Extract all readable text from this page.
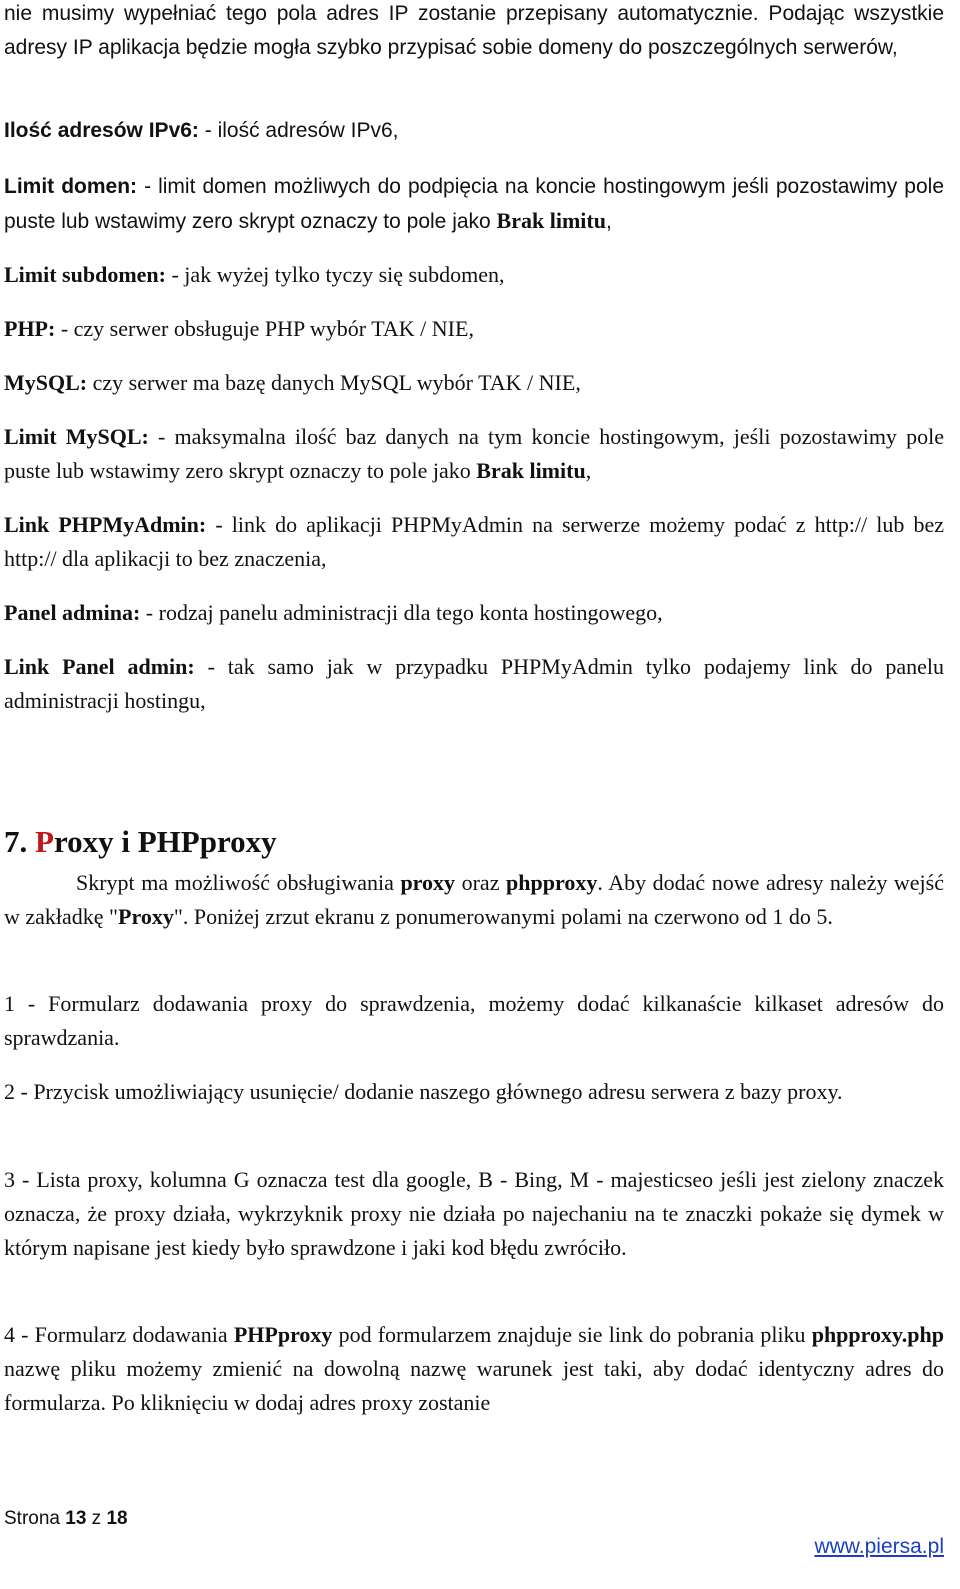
nie musimy wypełniać tego pola adres IP zostanie przepisany automatycznie. Podając wszystkie adresy IP aplikacja będzie mogła szybko przypisać sobie domeny do poszczególnych serwerów,

Ilość adresów IPv6: - ilość adresów IPv6,

Limit domen: - limit domen możliwych do podpięcia na koncie hostingowym jeśli pozostawimy pole puste lub wstawimy zero skrypt oznaczy to pole jako Brak limitu,

Limit subdomen: - jak wyżej tylko tyczy się subdomen,

PHP: - czy serwer obsługuje PHP wybór TAK / NIE,

MySQL: czy serwer ma bazę danych MySQL wybór TAK / NIE,

Limit MySQL: - maksymalna ilość baz danych na tym koncie hostingowym, jeśli pozostawimy pole puste lub wstawimy zero skrypt oznaczy to pole jako Brak limitu,

Link PHPMyAdmin: - link do aplikacji PHPMyAdmin na serwerze możemy podać z http:// lub bez http:// dla aplikacji to bez znaczenia,

Panel admina: - rodzaj panelu administracji dla tego konta hostingowego,

Link Panel admin: - tak samo jak w przypadku PHPMyAdmin tylko podajemy link do panelu administracji hostingu,

7. Proxy i PHPproxy

Skrypt ma możliwość obsługiwania proxy oraz phpproxy. Aby dodać nowe adresy należy wejść w zakładkę "Proxy". Poniżej zrzut ekranu z ponumerowanymi polami na czerwono od 1 do 5.

1 - Formularz dodawania proxy do sprawdzenia, możemy dodać kilkanaście kilkaset adresów do sprawdzania.

2 - Przycisk umożliwiający usunięcie/ dodanie naszego głównego adresu serwera z bazy proxy.

3 - Lista proxy, kolumna G oznacza test dla google, B - Bing, M - majesticseo jeśli jest zielony znaczek oznacza, że proxy działa, wykrzyknik proxy nie działa po najechaniu na te znaczki pokaże się dymek w którym napisane jest kiedy było sprawdzone i jaki kod błędu zwróciło.

4 - Formularz dodawania PHPproxy pod formularzem znajduje sie link do pobrania pliku phpproxy.php nazwę pliku możemy zmienić na dowolną nazwę warunek jest taki, aby dodać identyczny adres do formularza. Po kliknięciu w dodaj adres proxy zostanie

Strona 13 z 18
www.piersa.pl
